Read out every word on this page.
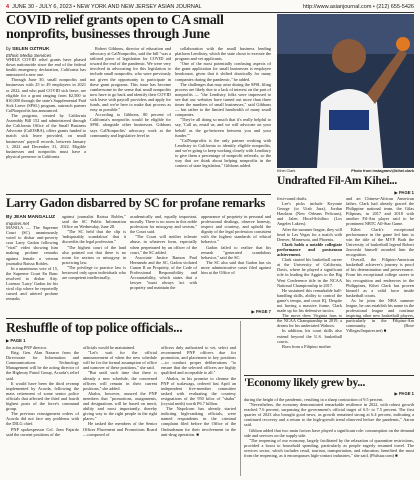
4 JUNE 30 - JULY 6, 2023 • NEW YORK AND NEW JERSEY ASIAN JOURNAL	http://www.asianjournal.com • (212) 655-5426
COVID relief grants open to CA small nonprofits, businesses through June
by SELEN OZTRUK
Ethnic Media Services

WHILE COVID relief grants have phased down nationwide since the end of the federal health emergency declaration, California has announced a new one.

Through June 30, small nonprofits and businesses with 25 to 49 employees in 2021 or 2022, and who paid COVID sick leave, are eligible for a grant ranging from $2,500 to $10,000 through the state's Supplemental Paid Sick Leave (SPSL) program, outreach partner CalNonprofits has announced.

The program, created by California Assembly Bill 152 and administered through the California Office of the Small Business Advocate (CalOSBA), offers grants funded to match sick leave provided, on small businesses' payroll records, between January 1, 2022 and December 31, 2022. Eligible businesses and nonprofits must have a physical presence in California.

Robert Gibbons, director of education and advocacy at CalNonprofits, said the bill "was a tailored piece of legislation for COVID aid toward the end of the pandemic. We were very involved in advocating for this legislation to include small nonprofits, who were previously not given the opportunity to participate in these grant programs. This issue has become cumbersome in the sense that small nonprofits now have to go back and identify their COVID sick leave with payroll providers and apply for funds, and we're here to make that process as easy as possible."

According to Gibbons, 80 percent of California's nonprofits would be eligible for SPSL alongside other businesses. Gibbons says CalNonprofits' advocacy work at the community and legislative level in

collaboration with the small business lending platform Lendistry, which the state chose to execute the program and vet applicants.

"One of the most potentially confusing aspects of the grant application for small businesses is employee headcount, given that it shifted drastically for many companies during the pandemic," he added.

The challenges that may arise during the SPSL filing process are likely due to a lack of interest on the part of nonprofits — "the Lendistry folks were impressed to see that our websites have turned out more than three times the numbers of small businesses," said Gibbons — but rather to the limited bandwidth of many small companies.

"They're all doing so much that it's really helpful to say, 'Call us, email us, and we will advocate on your behalf as the go-between between you and your funder.'"

"CalNonprofits is the only partner working with Lendistry in California to identify eligible nonprofits, and we're going to keep working closely with Lendistry to give them a percentage of nonprofit referrals, so the way that we think about helping nonprofits in the context of state legislation," Gibbons added.

Kihei Clark	Photo from Instagram/@kihei.clark
Undrafted Fil-Am Kihei...
▶ PAGE 1

first-round drafts.

Lee's picks include Keyonte George (to Utah Jazz), Jordan Hawkins (New Orleans Pelicans), and Jalen Hood-Schifino (Los Angeles Lakers).

After the summer league, they will head to Las Vegas for a match with Denver, Minnesota, and Phoenix.

Clark holds a notable collegiate performance and postseason achievement.

Clark started his basketball career at the University of California, Davis, where he played a significant role in leading the Aggies to the Big West Conference title in the NCAA National Championship in 2017.

He sustained this remarkable ball-handling skills, ability to control the game's tempo, and court IQ. Despite not having a massive frame, Clark made up for his defensive tactics.

The move drew Virginia fans to the NCAA Championship in 2019, a dream for his underrated Wahoos.

In addition, his court skills also extend beyond the U.S. basketball courts.

Born from a Filipino mother

and an Chinese-African American father, Clark had already graced the Philippine national team, the Gilas Pilipinas, in 2017 and 2018 with another Fil-Am player said to be prominent NBTC All-Star Game.

Kihei Clark's exceptional performance in the game led him to win the title of the MVP. Both the University of basketball legend Robert Jaworski himself awarded him the recognition.

Overall, the Filipino-American basketball achiever's journey is proof of his determination and perseverance. From his exceptional college career to his recognition and endeavors in the Philippines, Kihei Clark has proven himself as a valid force inside basketball courts.

As he joins the NBA summer league, he can establish his name in the professional league and continue inspiring other new basketball players, particularly in the Filipino-Am community. (Rose Villegas/Inquirer.net) ■

Larry Gadon disbarred by SC for profane remarks
By JEAN MANGALUZ
Inquirer.net

MANILA — The Supreme Court (SC) unanimously voted to disbar anti-poverty czar Larry Gadon following "viral" video showing him making profane remarks against female a veteran journalist Raissa Robles.

In a unanimous vote of 15, the Supreme Court En Banc resolved to disbar Atty. Lorenzo 'Larry' Gadon for his viral clip where he reportedly cursed and uttered profane remarks

against journalist Raissa Robles," said the SC Public Information Office on Wednesday, June 28.

"The SC held that the clip is 'indisputably scandalous' that it discredits the legal profession."

"The highest court of the land also pointed out that there is no room for sexism or misogyny in practicing law.

"The privilege to practice law is bestowed only upon individuals who are competent intellectually,

academically and, equally important, morally. There is no room in this noble profession for misogyny and sexism," the Court said.

"The Court will neither tolerate abuse, in whatever form, especially when perpetrated by an officer of the court," the SC added.

Associate Justice Ramon Paul Hernando and the SC, Gadon violated Canon II on Propriety, of the Code of Professional Responsibility and Accountability, which states that a lawyer "must always 'act with propriety and maintain the

appearance of propriety in personal and professional dealings, observe honesty, respect and courtesy, and uphold the dignity of the legal profession consistent with the highest standards of ethical behavior."

Gadon failed to realize that his remark "generated scandalous behavior," said the SC.

The SC also said that Gadon has six more administrative cases filed against him at the Office of

▶ PAGE 7
Reshuffle of top police officials...
▶ PAGE 1

the acting PNP director.

Brig. Gen. Alan Nazarro from the Directorate for Information and Communications Technology Management will be the acting director of the Highway Patrol Group, Acorda's relief said.

It would have been the third revamp implemented by Acorda, following the mass retirement of some senior police officials that affected the third and fourth highest posts of the force's command group.

The previous reassignment orders of Acorda did not face any problems with the DILG chief.

PNP spokesperson Col. Jean Fajardo said the current positions of the

officials would be maintained.

"Let's wait for the official announcement of when the new schedule will be for the formal assumption of office and turnover of these positions," she said.

"But until such time that there is already a new schedule, the concerned officers will remain in their current positions," she added.

Abalos, however, assured the PNP members that "promotions, assignments, and designations will be based on merit, ability and most importantly, thereby giving way to the right people in the right places."

He tasked the members of the Senior Officer Placement and Promotions Board—composed of

officers duly authorized to vet, select and recommend PNP officers due for promotion, and placement to key positions—to conduct proper deliberations "to ensure that the selected officers are highly qualified and acceptable to all."

Abalos, in his promise to cleanse the PNP of scalawags, ordered last April an independent five-member committee tasked with evaluating the courtesy resignations of the 950 kilos of "shabu" (crystal meth) worth P6.7 billion.

The Napolcom has already started indicting high-ranking officials, were named respondents in the criminal complaint filed before the Office of the Ombudsman for their involvement in the anti-drug operation. ■

'Economy likely grew by...
▶ PAGE 1

during the height of the pandemic, resulting in a sharp contraction of 9.5 percent.

"Nevertheless, the economy demonstrated remarkable resilience in 2022, with robust growth reached 7.6 percent, surpassing the government's official target of 6.5- to 7.5 percent. The first quarter of 2023 also brought good news, as growth remained strong at 6.4 percent, indicating a continued recovery and a return to the high-growth trend observed before the pandemic," Aaron said.

Gibbon added that two main factors have played a significant role: consumption on the demand side and services on the supply side.

"The reopening of our economy, largely facilitated by the relaxation of quarantine restrictions, provided a boost to household spending, particularly as people eagerly resumed travel. The services sector, which includes retail, tourism, transportation, and education, benefited the most from the reopening, as it encompasses high-contact industries," she said. (Philstar.com) ■
